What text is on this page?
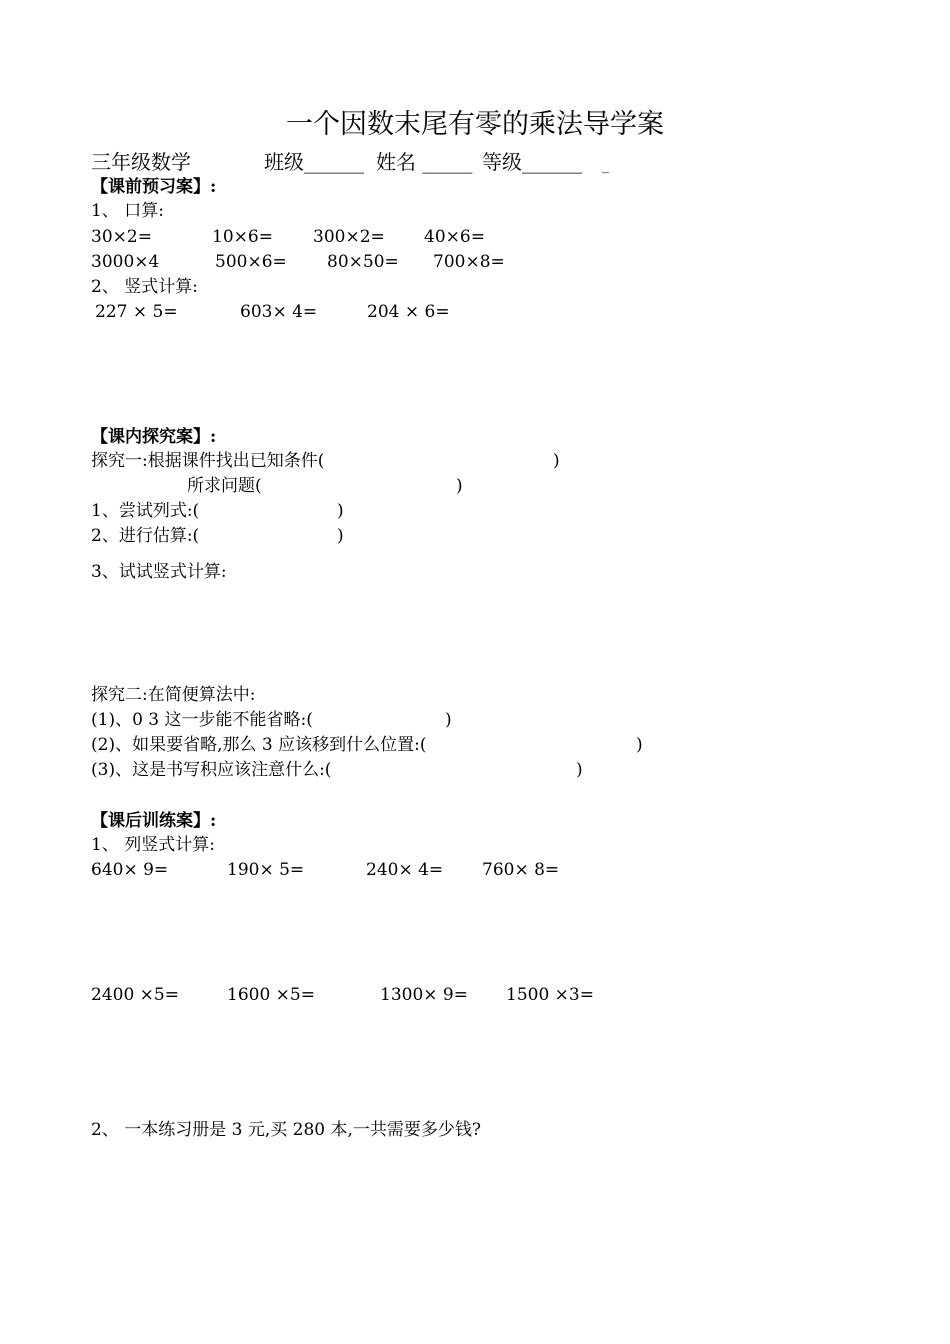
一个因数末尾有零的乘法导学案
三年级数学	班级______ 姓名 _____ 等级______ _
【课前预习案】:
1、 口算:
30×2=	10×6= 300×2= 40×6=
3000×4	500×6= 80×50= 700×8=
2、 竖式计算:
227 × 5=	603× 4=	204 × 6=
【课内探究案】:
探究一:根据课件找出已知条件(	)
所求问题(	)
1、尝试列式:(	)
2、进行估算:(	)
3、试试竖式计算:
探究二:在简便算法中:
(1)、0 3 这一步能不能省略:(	)
(2)、如果要省略,那么 3 应该移到什么位置:(	)
(3)、这是书写积应该注意什么:(	)
【课后训练案】:
1、 列竖式计算:
640× 9=	190× 5=	240× 4= 760× 8=
2400 ×5=	1600 ×5=	1300× 9= 1500 ×3=
2、 一本练习册是 3 元,买 280 本,一共需要多少钱?
